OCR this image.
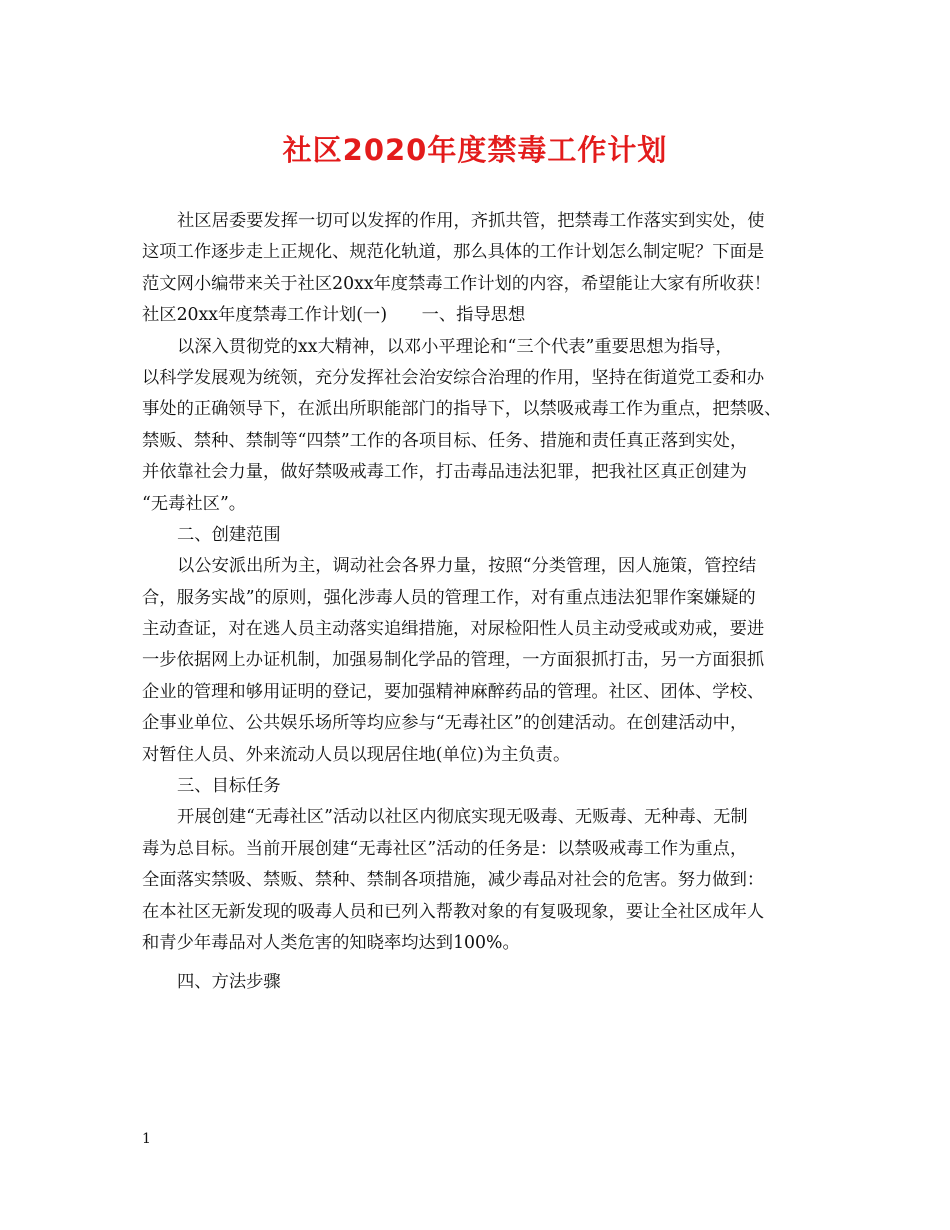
社区2020年度禁毒工作计划
社区居委要发挥一切可以发挥的作用，齐抓共管，把禁毒工作落实到实处，使
这项工作逐步走上正规化、规范化轨道，那么具体的工作计划怎么制定呢？下面是
范文网小编带来关于社区20xx年度禁毒工作计划的内容，希望能让大家有所收获！
社区20xx年度禁毒工作计划(一)　　一、指导思想
以深入贯彻党的xx大精神，以邓小平理论和“三个代表”重要思想为指导，
以科学发展观为统领，充分发挥社会治安综合治理的作用，坚持在街道党工委和办
事处的正确领导下，在派出所职能部门的指导下，以禁吸戒毒工作为重点，把禁吸、
禁贩、禁种、禁制等“四禁”工作的各项目标、任务、措施和责任真正落到实处，
并依靠社会力量，做好禁吸戒毒工作，打击毒品违法犯罪，把我社区真正创建为
“无毒社区”。
二、创建范围
以公安派出所为主，调动社会各界力量，按照“分类管理，因人施策，管控结
合，服务实战”的原则，强化涉毒人员的管理工作，对有重点违法犯罪作案嫌疑的
主动查证，对在逃人员主动落实追缉措施，对尿检阳性人员主动受戒或劝戒，要进
一步依据网上办证机制，加强易制化学品的管理，一方面狠抓打击，另一方面狠抓
企业的管理和够用证明的登记，要加强精神麻醉药品的管理。社区、团体、学校、
企事业单位、公共娱乐场所等均应参与“无毒社区”的创建活动。在创建活动中，
对暂住人员、外来流动人员以现居住地(单位)为主负责。
三、目标任务
开展创建“无毒社区”活动以社区内彻底实现无吸毒、无贩毒、无种毒、无制
毒为总目标。当前开展创建“无毒社区”活动的任务是：以禁吸戒毒工作为重点，
全面落实禁吸、禁贩、禁种、禁制各项措施，减少毒品对社会的危害。努力做到：
在本社区无新发现的吸毒人员和已列入帮教对象的有复吸现象，要让全社区成年人
和青少年毒品对人类危害的知晓率均达到100%。
四、方法步骤
1
